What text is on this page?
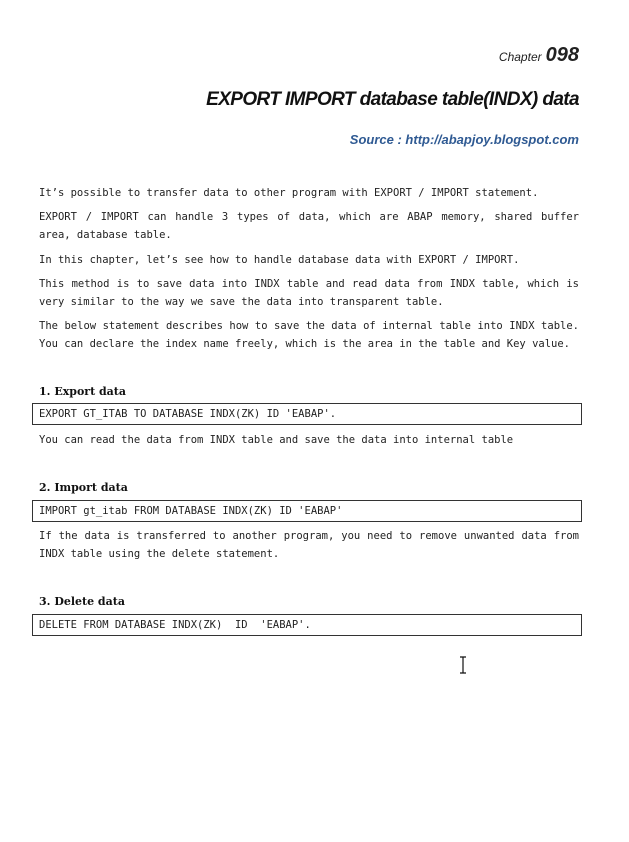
Chapter 098
EXPORT IMPORT database table(INDX) data
Source : http://abapjoy.blogspot.com
It’s possible to transfer data to other program with EXPORT / IMPORT statement.
EXPORT / IMPORT can handle 3 types of data, which are ABAP memory, shared buffer area, database table.
In this chapter, let’s see how to handle database data with EXPORT / IMPORT.
This method is to save data into INDX table and read data from INDX table, which is very similar to the way we save the data into transparent table.
The below statement describes how to save the data of internal table into INDX table. You can declare the index name freely, which is the area in the table and Key value.
1. Export data
EXPORT GT_ITAB TO DATABASE INDX(ZK) ID 'EABAP'.
You can read the data from INDX table and save the data into internal table
2. Import data
IMPORT gt_itab FROM DATABASE INDX(ZK) ID 'EABAP'
If the data is transferred to another program, you need to remove unwanted data from INDX table using the delete statement.
3. Delete data
DELETE FROM DATABASE INDX(ZK)  ID  'EABAP'.
